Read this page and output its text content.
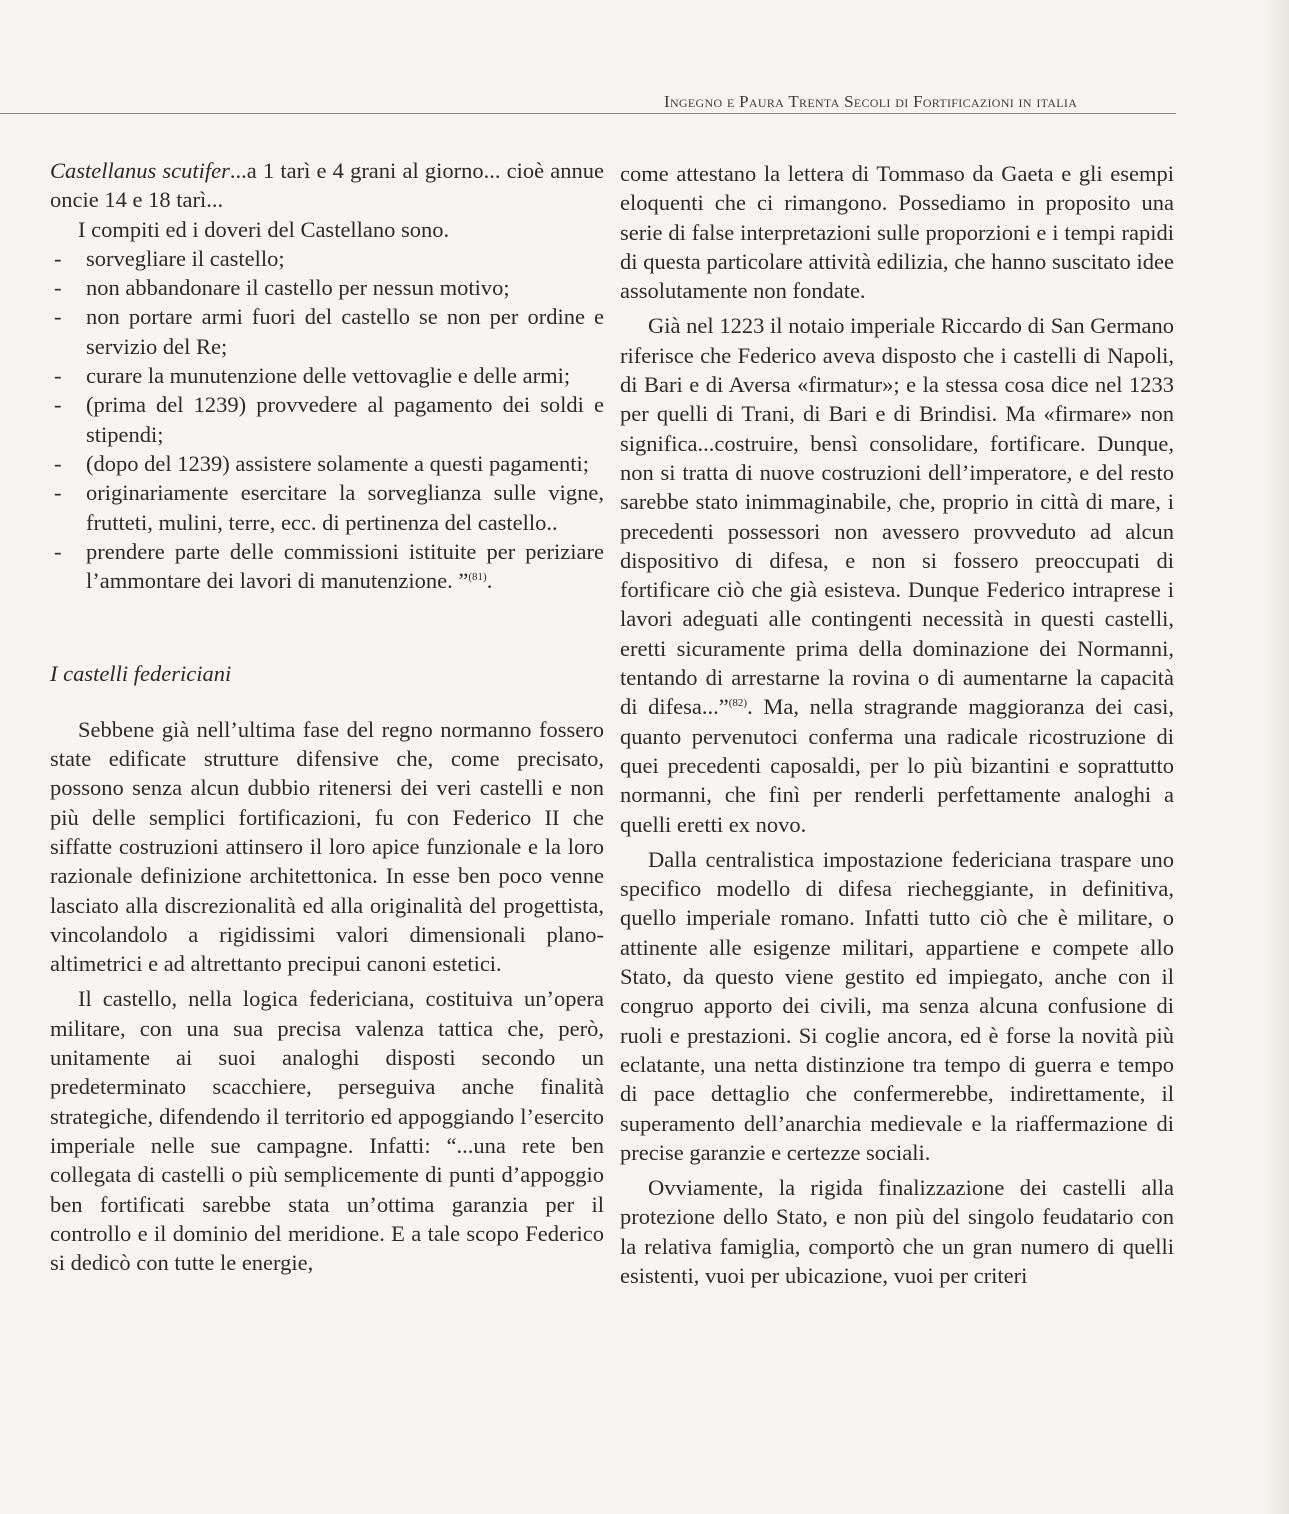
Ingegno e Paura Trenta Secoli di Fortificazioni in italia

Castellanus scutifer...a 1 tarì e 4 grani al giorno... cioè annue oncie 14 e 18 tarì...

I compiti ed i doveri del Castellano sono.

- sorvegliare il castello;
- non abbandonare il castello per nessun motivo;
- non portare armi fuori del castello se non per ordine e servizio del Re;
- curare la munutenzione delle vettovaglie e delle armi;
- (prima del 1239) provvedere al pagamento dei soldi e stipendi;
- (dopo del 1239) assistere solamente a questi pagamenti;
- originariamente esercitare la sorveglianza sulle vigne, frutteti, mulini, terre, ecc. di pertinenza del castello..
- prendere parte delle commissioni istituite per periziare l’ammontare dei lavori di manutenzione. ”$^{(81)}$.

I castelli federiciani

Sebbene già nell’ultima fase del regno normanno fossero state edificate strutture difensive che, come precisato, possono senza alcun dubbio ritenersi dei veri castelli e non più delle semplici fortificazioni, fu con Federico II che siffatte costruzioni attinsero il loro apice funzionale e la loro razionale definizione architettonica. In esse ben poco venne lasciato alla discrezionalità ed alla originalità del progettista, vincolandolo a rigidissimi valori dimensionali plano-altimetrici e ad altrettanto precipui canoni estetici.

Il castello, nella logica federiciana, costituiva un’opera militare, con una sua precisa valenza tattica che, però, unitamente ai suoi analoghi disposti secondo un predeterminato scacchiere, perseguiva anche finalità strategiche, difendendo il territorio ed appoggiando l’esercito imperiale nelle sue campagne. Infatti: “...una rete ben collegata di castelli o più semplicemente di punti d’appoggio ben fortificati sarebbe stata un’ottima garanzia per il controllo e il dominio del meridione. E a tale scopo Federico si dedicò con tutte le energie,

come attestano la lettera di Tommaso da Gaeta e gli esempi eloquenti che ci rimangono. Possediamo in proposito una serie di false interpretazioni sulle proporzioni e i tempi rapidi di questa particolare attività edilizia, che hanno suscitato idee assolutamente non fondate.

Già nel 1223 il notaio imperiale Riccardo di San Germano riferisce che Federico aveva disposto che i castelli di Napoli, di Bari e di Aversa «firmatur»; e la stessa cosa dice nel 1233 per quelli di Trani, di Bari e di Brindisi. Ma «firmare» non significa...costruire, bensì consolidare, fortificare. Dunque, non si tratta di nuove costruzioni dell’imperatore, e del resto sarebbe stato inimmaginabile, che, proprio in città di mare, i precedenti possessori non avessero provveduto ad alcun dispositivo di difesa, e non si fossero preoccupati di fortificare ciò che già esisteva. Dunque Federico intraprese i lavori adeguati alle contingenti necessità in questi castelli, eretti sicuramente prima della dominazione dei Normanni, tentando di arrestarne la rovina o di aumentarne la capacità di difesa...”$^{(82)}$. Ma, nella stragrande maggioranza dei casi, quanto pervenutoci conferma una radicale ricostruzione di quei precedenti caposaldi, per lo più bizantini e soprattutto normanni, che finì per renderli perfettamente analoghi a quelli eretti ex novo.

Dalla centralistica impostazione federiciana traspare uno specifico modello di difesa riecheggiante, in definitiva, quello imperiale romano. Infatti tutto ciò che è militare, o attinente alle esigenze militari, appartiene e compete allo Stato, da questo viene gestito ed impiegato, anche con il congruo apporto dei civili, ma senza alcuna confusione di ruoli e prestazioni. Si coglie ancora, ed è forse la novità più eclatante, una netta distinzione tra tempo di guerra e tempo di pace dettaglio che confermerebbe, indirettamente, il superamento dell’anarchia medievale e la riaffermazione di precise garanzie e certezze sociali.

Ovviamente, la rigida finalizzazione dei castelli alla protezione dello Stato, e non più del singolo feudatario con la relativa famiglia, comportò che un gran numero di quelli esistenti, vuoi per ubicazione, vuoi per criteri
